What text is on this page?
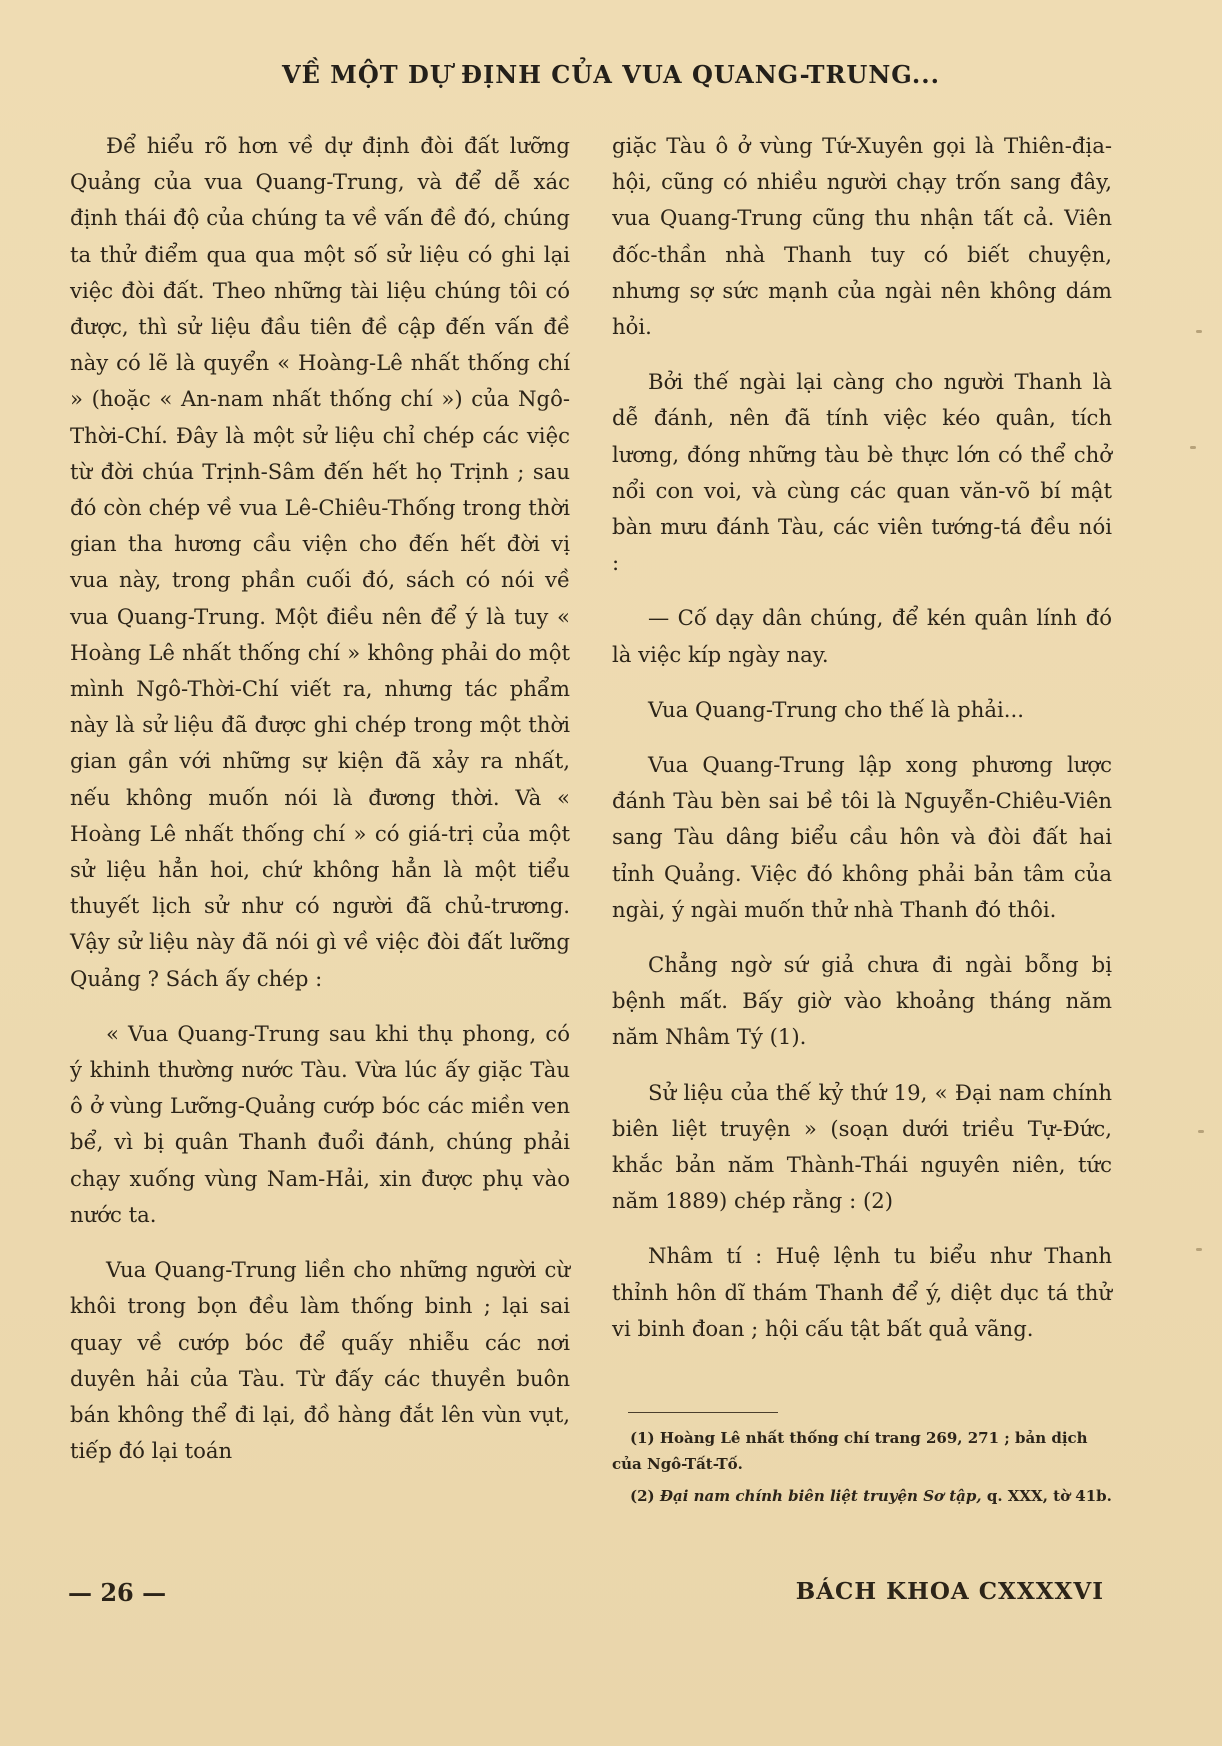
VỀ MỘT DỰ ĐỊNH CỦA VUA QUANG-TRUNG...

Để hiểu rõ hơn về dự định đòi đất lưỡng Quảng của vua Quang-Trung, và để dễ xác định thái độ của chúng ta về vấn đề đó, chúng ta thử điểm qua qua một số sử liệu có ghi lại việc đòi đất. Theo những tài liệu chúng tôi có được, thì sử liệu đầu tiên đề cập đến vấn đề này có lẽ là quyển « Hoàng-Lê nhất thống chí » (hoặc « An-nam nhất thống chí ») của Ngô-Thời-Chí. Đây là một sử liệu chỉ chép các việc từ đời chúa Trịnh-Sâm đến hết họ Trịnh ; sau đó còn chép về vua Lê-Chiêu-Thống trong thời gian tha hương cầu viện cho đến hết đời vị vua này, trong phần cuối đó, sách có nói về vua Quang-Trung. Một điều nên để ý là tuy « Hoàng Lê nhất thống chí » không phải do một mình Ngô-Thời-Chí viết ra, nhưng tác phẩm này là sử liệu đã được ghi chép trong một thời gian gần với những sự kiện đã xảy ra nhất, nếu không muốn nói là đương thời. Và « Hoàng Lê nhất thống chí » có giá-trị của một sử liệu hẳn hoi, chứ không hẳn là một tiểu thuyết lịch sử như có người đã chủ-trương. Vậy sử liệu này đã nói gì về việc đòi đất lưỡng Quảng ? Sách ấy chép :

« Vua Quang-Trung sau khi thụ phong, có ý khinh thường nước Tàu. Vừa lúc ấy giặc Tàu ô ở vùng Lưỡng-Quảng cướp bóc các miền ven bể, vì bị quân Thanh đuổi đánh, chúng phải chạy xuống vùng Nam-Hải, xin được phụ vào nước ta.

Vua Quang-Trung liền cho những người cừ khôi trong bọn đều làm thống binh ; lại sai quay về cướp bóc để quấy nhiễu các nơi duyên hải của Tàu. Từ đấy các thuyền buôn bán không thể đi lại, đồ hàng đắt lên vùn vụt, tiếp đó lại toán

giặc Tàu ô ở vùng Tứ-Xuyên gọi là Thiên-địa-hội, cũng có nhiều người chạy trốn sang đây, vua Quang-Trung cũng thu nhận tất cả. Viên đốc-thần nhà Thanh tuy có biết chuyện, nhưng sợ sức mạnh của ngài nên không dám hỏi.

Bởi thế ngài lại càng cho người Thanh là dễ đánh, nên đã tính việc kéo quân, tích lương, đóng những tàu bè thực lớn có thể chở nổi con voi, và cùng các quan văn-võ bí mật bàn mưu đánh Tàu, các viên tướng-tá đều nói :

— Cố dạy dân chúng, để kén quân lính đó là việc kíp ngày nay.

Vua Quang-Trung cho thế là phải...

Vua Quang-Trung lập xong phương lược đánh Tàu bèn sai bề tôi là Nguyễn-Chiêu-Viên sang Tàu dâng biểu cầu hôn và đòi đất hai tỉnh Quảng. Việc đó không phải bản tâm của ngài, ý ngài muốn thử nhà Thanh đó thôi.

Chẳng ngờ sứ giả chưa đi ngài bỗng bị bệnh mất. Bấy giờ vào khoảng tháng năm năm Nhâm Tý (1).

Sử liệu của thế kỷ thứ 19, « Đại nam chính biên liệt truyện » (soạn dưới triều Tự-Đức, khắc bản năm Thành-Thái nguyên niên, tức năm 1889) chép rằng : (2)

Nhâm tí : Huệ lệnh tu biểu như Thanh thỉnh hôn dĩ thám Thanh để ý, diệt dục tá thử vi binh đoan ; hội cấu tật bất quả vãng.

(1) Hoàng Lê nhất thống chí trang 269, 271 ; bản dịch của Ngô-Tất-Tố.

(2) Đại nam chính biên liệt truyện Sơ tập, q. XXX, tờ 41b.

— 26 —	BÁCH KHOA CXXXXVI
